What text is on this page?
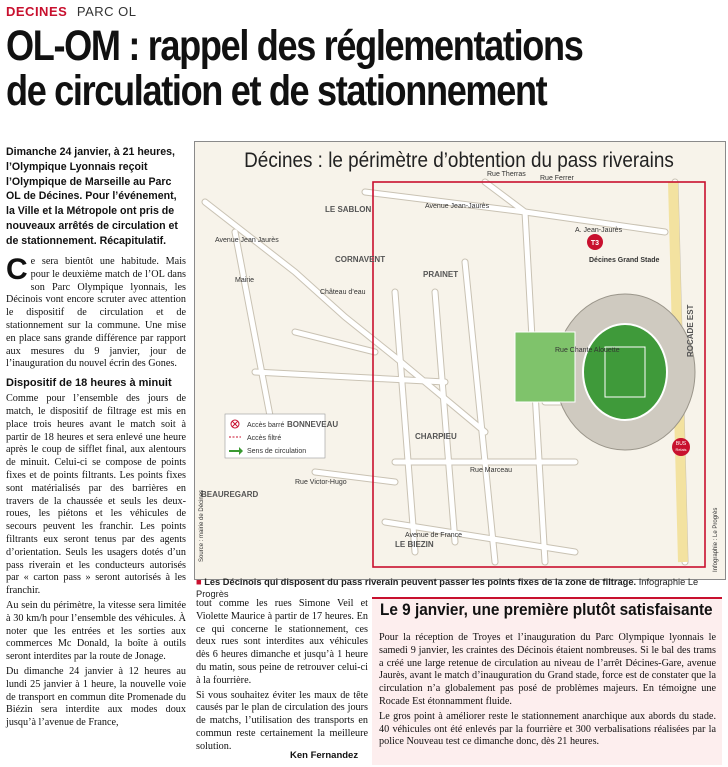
DECINES PARC OL
OL-OM : rappel des réglementations
de circulation et de stationnement
Dimanche 24 janvier, à 21 heures, l’Olympique Lyonnais reçoit l’Olympique de Marseille au Parc OL de Décines. Pour l’événement, la Ville et la Métropole ont pris de nouveaux arrêtés de circulation et de stationnement. Récapitulatif.

Ce sera bientôt une habitude. Mais pour le deuxième match de l’OL dans son Parc Olympique lyonnais, les Décinois vont encore scruter avec attention le dispositif de circulation et de stationnement sur la commune. Une mise en place sans grande différence par rapport aux mesures du 9 janvier, jour de l’inauguration du nouvel écrin des Gones.

Dispositif de 18 heures à minuit

Comme pour l’ensemble des jours de match, le dispositif de filtrage est mis en place trois heures avant le match soit à partir de 18 heures et sera enlevé une heure après le coup de sifflet final, aux alentours de minuit. Celui-ci se compose de points fixes et de points filtrants. Les points fixes sont matérialisés par des barrières en travers de la chaussée et seuls les deux-roues, les piétons et les véhicules de secours peuvent les franchir. Les points filtrants eux seront tenus par des agents d’orientation. Seuls les usagers dotés d’un pass riverain et les conducteurs autorisés par « carton pass » seront autorisés à les franchir.

Au sein du périmètre, la vitesse sera limitée à 30 km/h pour l’ensemble des véhicules. À noter que les entrées et les sorties aux commerces Mc Donald, la boîte à outils seront interdites par la route de Jonage.

Du dimanche 24 janvier à 12 heures au lundi 25 janvier à 1 heure, la nouvelle voie de transport en commun dite Promenade du Biézin sera interdite aux modes doux jusqu’à l’avenue de France,

Accès barré
Accès filtré
Sens de circulation
LE SABLON
CORNAVENT
PRAINET
BONNEVEAU
CHARPIEU
BEAUREGARD
LE BIEZIN
Rue Therras
Rue Ferrer
Avenue Jean-Jaurès
A. Jean-Jaurès
Avenue Jean Jaurès
Rue Chante Alouette
Rue Marceau
Rue Victor-Hugo
Avenue de France
Château d’eau
Mairie
ROCADE EST
T3
Décines Grand Stade
BUS
Relais
Source : mairie de Décines	Infographie : Le Progrès
Décines : le périmètre d’obtention du pass riverains
■ Les Décinois qui disposent du pass riverain peuvent passer les points fixes de la zone de filtrage. Infographie Le Progrès

tout comme les rues Simone Veil et Violette Maurice à partir de 17 heures. En ce qui concerne le stationnement, ces deux rues sont interdites aux véhicules dès 6 heures dimanche et jusqu’à 1 heure du matin, sous peine de retrouver celui-ci à la fourrière.

Si vous souhaitez éviter les maux de tête causés par le plan de circulation des jours de matchs, l’utilisation des transports en commun reste certainement la meilleure solution.

Ken Fernandez
Le 9 janvier, une première plutôt satisfaisante

Pour la réception de Troyes et l’inauguration du Parc Olympique lyonnais le samedi 9 janvier, les craintes des Décinois étaient nombreuses. Si le bal des trams a créé une large retenue de circulation au niveau de l’arrêt Décines-Gare, avenue Jaurès, avant le match d’inauguration du Grand stade, force est de constater que la circulation n’a globalement pas posé de problèmes majeurs. En témoigne une Rocade Est étonnamment fluide.

Le gros point à améliorer reste le stationnement anarchique aux abords du stade. 40 véhicules ont été enlevés par la fourrière et 300 verbalisations réalisées par la police Nouveau test ce dimanche donc, dès 21 heures.
